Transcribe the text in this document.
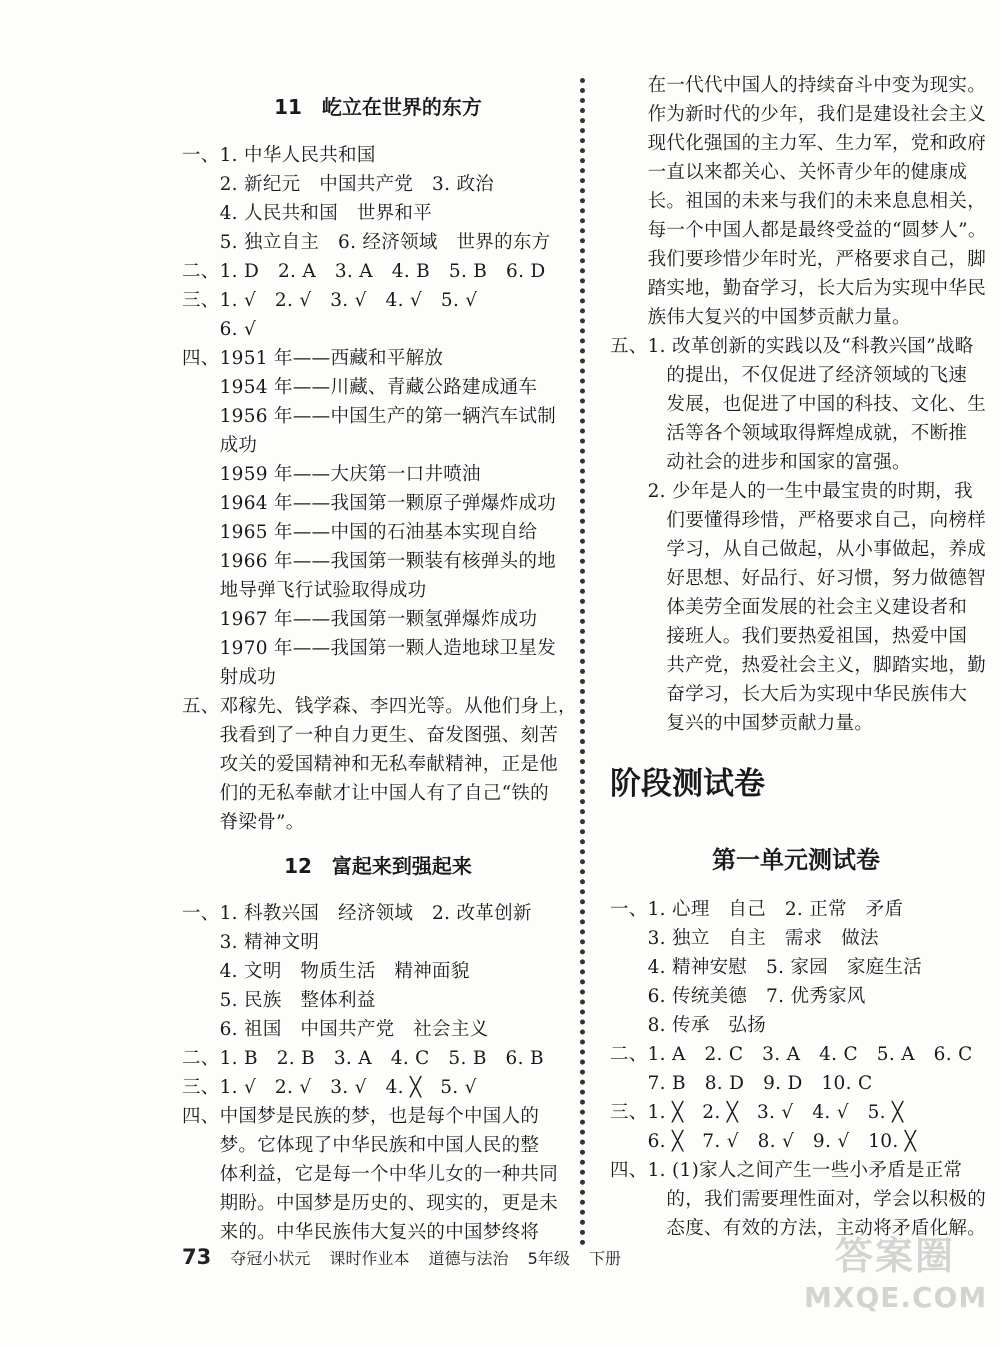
11　屹立在世界的东方
一、1. 中华人民共和国
　　2. 新纪元　中国共产党　3. 政治
　　4. 人民共和国　世界和平
　　5. 独立自主　6. 经济领域　世界的东方
二、1. D　2. A　3. A　4. B　5. B　6. D
三、1. √　2. √　3. √　4. √　5. √
　　6. √
四、1951 年——西藏和平解放
　　1954 年——川藏、青藏公路建成通车
　　1956 年——中国生产的第一辆汽车试制
　　成功
　　1959 年——大庆第一口井喷油
　　1964 年——我国第一颗原子弹爆炸成功
　　1965 年——中国的石油基本实现自给
　　1966 年——我国第一颗装有核弹头的地
　　地导弹飞行试验取得成功
　　1967 年——我国第一颗氢弹爆炸成功
　　1970 年——我国第一颗人造地球卫星发
　　射成功
五、邓稼先、钱学森、李四光等。从他们身上，
　　我看到了一种自力更生、奋发图强、刻苦
　　攻关的爱国精神和无私奉献精神，正是他
　　们的无私奉献才让中国人有了自己“铁的
　　脊梁骨”。
12　富起来到强起来
一、1. 科教兴国　经济领域　2. 改革创新
　　3. 精神文明
　　4. 文明　物质生活　精神面貌
　　5. 民族　整体利益
　　6. 祖国　中国共产党　社会主义
二、1. B　2. B　3. A　4. C　5. B　6. B
三、1. √　2. √　3. √　4. ╳　5. √
四、中国梦是民族的梦，也是每个中国人的
　　梦。它体现了中华民族和中国人民的整
　　体利益，它是每一个中华儿女的一种共同
　　期盼。中国梦是历史的、现实的，更是未
　　来的。中华民族伟大复兴的中国梦终将
　　在一代代中国人的持续奋斗中变为现实。
　　作为新时代的少年，我们是建设社会主义
　　现代化强国的主力军、生力军，党和政府
　　一直以来都关心、关怀青少年的健康成
　　长。祖国的未来与我们的未来息息相关，
　　每一个中国人都是最终受益的“圆梦人”。
　　我们要珍惜少年时光，严格要求自己，脚
　　踏实地，勤奋学习，长大后为实现中华民
　　族伟大复兴的中国梦贡献力量。
五、1. 改革创新的实践以及“科教兴国”战略
　　　的提出，不仅促进了经济领域的飞速
　　　发展，也促进了中国的科技、文化、生
　　　活等各个领域取得辉煌成就，不断推
　　　动社会的进步和国家的富强。
　　2. 少年是人的一生中最宝贵的时期，我
　　　们要懂得珍惜，严格要求自己，向榜样
　　　学习，从自己做起，从小事做起，养成
　　　好思想、好品行、好习惯，努力做德智
　　　体美劳全面发展的社会主义建设者和
　　　接班人。我们要热爱祖国，热爱中国
　　　共产党，热爱社会主义，脚踏实地，勤
　　　奋学习，长大后为实现中华民族伟大
　　　复兴的中国梦贡献力量。
阶段测试卷
第一单元测试卷
一、1. 心理　自己　2. 正常　矛盾
　　3. 独立　自主　需求　做法
　　4. 精神安慰　5. 家园　家庭生活
　　6. 传统美德　7. 优秀家风
　　8. 传承　弘扬
二、1. A　2. C　3. A　4. C　5. A　6. C
　　7. B　8. D　9. D　10. C
三、1. ╳　2. ╳　3. √　4. √　5. ╳
　　6. ╳　7. √　8. √　9. √　10. ╳
四、1. (1)家人之间产生一些小矛盾是正常
　　　的，我们需要理性面对，学会以积极的
　　　态度、有效的方法，主动将矛盾化解。
73 夺冠小状元 课时作业本 道德与法治 5年级 下册	答案圈
MXQE.COM
